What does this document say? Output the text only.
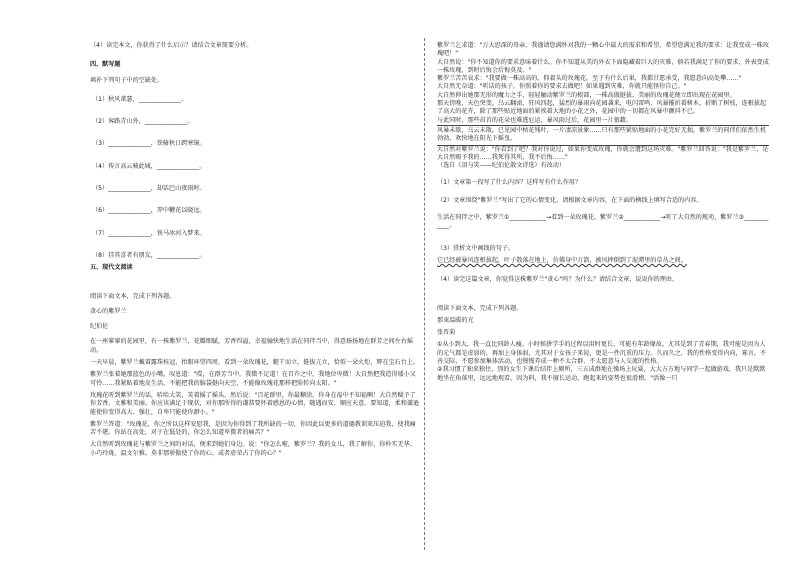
（4）读完本文，你获得了什么启示？请结合文章简要分析。

四、默写题

填补下列句子中的空缺处。

（1）秋风萧瑟，______________。

（2）客路青山外，______________。

（3）______________，铁骑秋日跨寒镜。

（4）传言高云骑此城，______________。

（5）______________，却话巴山夜雨时。

（6）______________，羿中鞭花以晓远。

（7）______________，铁马冰河入梦来。

（8）挂其喜者有朋友，______________。

五、现代文阅读

阅读下面文本，完成下列各题。

贪心的紫罗兰

纪伯伦

在一座寥寥的花园里，有一株紫罗兰，花瓣细腻，芳香四溢，幸福愉快地生活在同伴当中，得意扬扬地在群芳之间左右摇动。

一天早晨，紫罗兰戴着露珠桂冠，抬眼环望四周，看到一朵玫瑰花，艇干而立，挺拔亢立，恰似一朵火炬，辉在宝石台上。

紫罗兰张着她那蓝色的小嘴，叹息道："哎，在群芳当中，我微不足道！在百卉之中，我地位卑微！大自然把我造得矮小又可怜……我紧贴着地皮生活，不能把我的脑袋挺向天空，不能像玫瑰花那样把脸转向太阳。"

玫瑰花听到紫罗兰的话，哈哈大笑，笑着摇了摇头，然后说："百花群里，你最糊涂。你身在福中不知福啊！大自然赋予了你芳香、文雅和美丽。你应该满足于现状，对你那所得的谦恭要怀着感恩的心情，随遇而安，顺应天意。要知道，柔和谦逊能使你变得高大、强壮，自卑只能使你渺小。"

紫罗兰答道："玫瑰花，你之所以这样安慰我，是因为你得到了我所缺的一切，你因此以更多的道德教训来压迫我，使我痛苦不堪。你站在高处，对于在低处的，你怎么知道卑微者的痛苦？"

大自然听到玫瑰花与紫罗兰之间的对话，便来到她们身边。说："你怎么啦，紫罗兰？我的女儿，我了解你，你朴实无华、小巧玲珑、温文尔雅。莫非那骄傲使了你的心，或者虚荣占了你的心？"

紫罗兰乞求道："万大思深的母亲，我谨请您满怀对我的一颗心中最大的需求和希望，希望您满足我的要求：让我变成一株玫瑰吧！"

大自然说："你不知道你的要求意味着什么。你不知道从美的外衣下面隐藏着巨大的灾难，倘若我满足了你的要求，外表变成一株玫瑰，到时后悔会后悔莫及。"

紫罗兰苦苦哀求："我要做一株高高的、仰着头的玫瑰花。至于有什么后果，我都甘愿承受，我愿意向高处攀……"

大自然无奈道："听话的孩子，你照着你的要求去做吧！如果遇到灾难，你就只能怪你自己。"

大自然伸出她那无形的魔力之手，轻轻触动紫罗兰的根部，一株高傲挺拔、美丽的玫瑰花便立即出现在花园里。

那天傍晚，天色突变，乌云翻滚，狂风四起，猛烈的暴雨向花园袭来，电闪雷鸣，风暴摧折着树木，折断了树枝，连根拔起了高大的花卉，除了那些贴近地面的紧挨着大地的小花之外，花园中的一切都在风暴中颤抖不已。

与此同时，那些昂首的花朵也难逃厄运，暴风雨过后，花园里一片狼藉。

风暴未歇，乌云未散，已见园中枯花残叶，一片凄凉景象……只有那些紧贴地面的小花完好无损，紫罗兰的同伴们依然生机勃勃，欢快地在阳光下摇曳。

大自然对紫罗兰说："你看到了吧？我对你说过，如果你变成玫瑰，你就会遭到这场灾难。"紫罗兰回答说："我是紫罗兰，是大自然赐予我的……我死得其所，我不后悔……"

（选自《泪与笑——纪伯伦散文诗选》有改动）

（1）文章第一段写了什么内容？这样写有什么作用？

（2）文章围绕"紫罗兰"写出了它的心情变化，请根据文章内容，在下面的横线上填写合适的内容。

生活在同伴之中，紫罗兰①____________→看到一朵玫瑰花，紫罗兰②____________→听了大自然的规劝，紫罗兰③____________。

（3）赏析文中画线的句子。

它已经被暴风连根拔起，叶子散落在地上，仿佛身中万箭，被风摔倒到了泥潭里的草丛之间。

（4）读完这篇文章，你觉得这株紫罗兰"贪心"吗？为什么？请结合文章，说说你的理由。

阅读下面文本，完成下列各题。

那束温暖的光

张晋菊

①从小到大，我一直比同龄人瘦。小时候拼学手的过程以用时更长，可能有年龄缘故。尤其是到了青春期，我可能是因为人的元气都是虚弱的，再加上身体弱，尤其对于女孩子来说，更是一件沉重的压力。久而久之，我的性格变得内向，寡言，不善交际，不愿参加集体活动，也慢慢养成一种不太合群、不太愿意与人交流的性格。

②我习惯了独来独往，别的女生下课后结伴上厕所，三五成群地在操场上玩耍，大大方方地与同学一起做游戏，我只是默默地坐在角落里，远远地观看。因为料，我不擅长运动，跑起来的姿势也很滑稽。"活像一只
